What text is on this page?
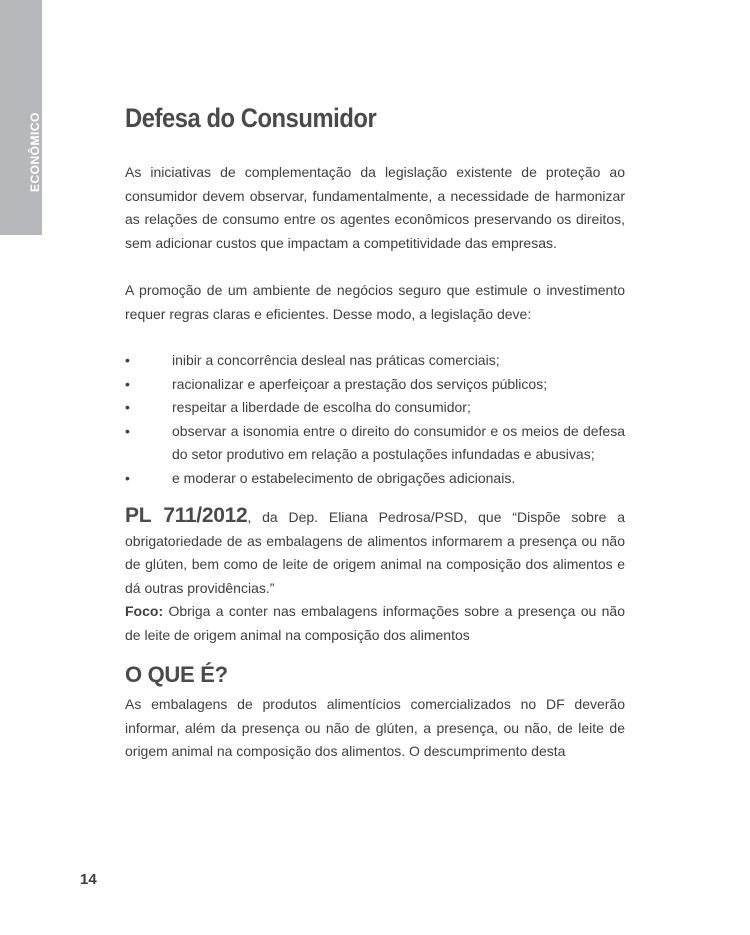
ECONÔMICO	Defesa do Consumidor

As iniciativas de complementação da legislação existente de proteção ao consumidor devem observar, fundamentalmente, a necessidade de harmonizar as relações de consumo entre os agentes econômicos preservando os direitos, sem adicionar custos que impactam a competitividade das empresas.

A promoção de um ambiente de negócios seguro que estimule o investimento requer regras claras e eficientes. Desse modo, a legislação deve:

•	inibir a concorrência desleal nas práticas comerciais;
•	racionalizar e aperfeiçoar a prestação dos serviços públicos;
•	respeitar a liberdade de escolha do consumidor;
•	observar a isonomia entre o direito do consumidor e os meios de defesa do setor produtivo em relação a postulações infundadas e abusivas;
•	e moderar o estabelecimento de obrigações adicionais.

PL 711/2012, da Dep. Eliana Pedrosa/PSD, que “Dispõe sobre a obrigatoriedade de as embalagens de alimentos informarem a presença ou não de glúten, bem como de leite de origem animal na composição dos alimentos e dá outras providências.”

Foco: Obriga a conter nas embalagens informações sobre a presença ou não de leite de origem animal na composição dos alimentos

O QUE É?

As embalagens de produtos alimentícios comercializados no DF deverão informar, além da presença ou não de glúten, a presença, ou não, de leite de origem animal na composição dos alimentos. O descumprimento desta

14
